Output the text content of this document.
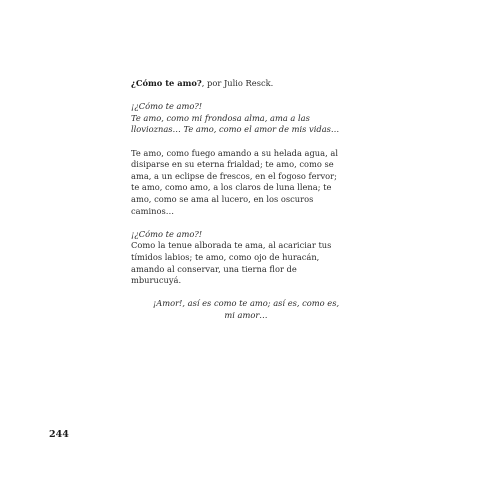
¿Cómo te amo?, por Julio Resck.

¡¿Cómo te amo?!
Te amo, como mi frondosa alma, ama a las
llovioznas… Te amo, como el amor de mis vidas…

Te amo, como fuego amando a su helada agua, al
disiparse en su eterna frialdad; te amo, como se
ama, a un eclipse de frescos, en el fogoso fervor;
te amo, como amo, a los claros de luna llena; te
amo, como se ama al lucero, en los oscuros
caminos…

¡¿Cómo te amo?!
Como la tenue alborada te ama, al acariciar tus
tímidos labios; te amo, como ojo de huracán,
amando al conservar, una tierna flor de
mburucuyá.

¡Amor!, así es como te amo; así es, como es,
mi amor…

244
